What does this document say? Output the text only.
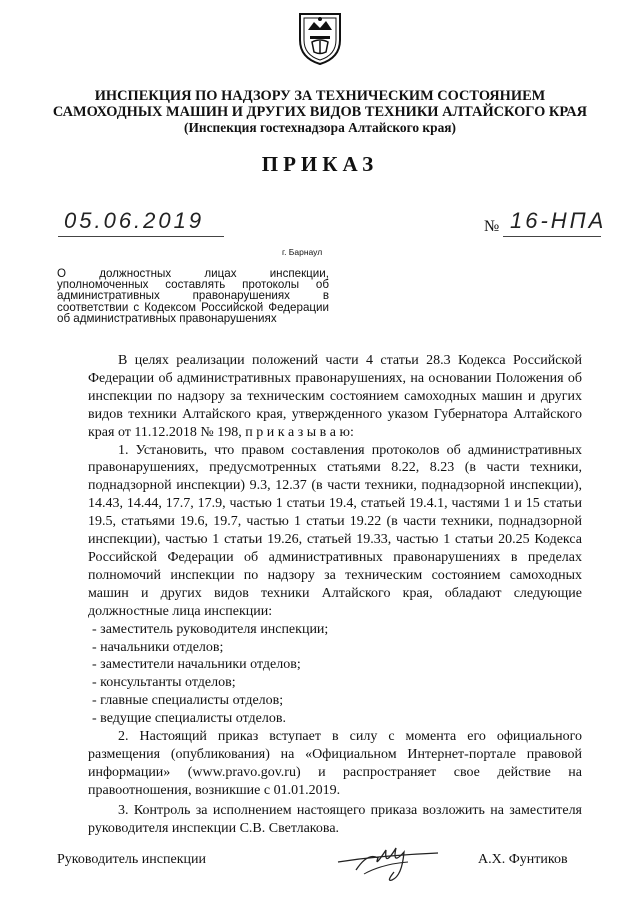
ИНСПЕКЦИЯ ПО НАДЗОРУ ЗА ТЕХНИЧЕСКИМ СОСТОЯНИЕМ
САМОХОДНЫХ МАШИН И ДРУГИХ ВИДОВ ТЕХНИКИ АЛТАЙСКОГО КРАЯ
(Инспекция гостехнадзора Алтайского края)
ПРИКАЗ
05.06.2019	№ 16-НПА
г. Барнаул
О должностных лицах инспекции, уполномоченных составлять протоколы об административных правонарушениях в соответствии с Кодексом Российской Федерации об административных правонарушениях

В целях реализации положений части 4 статьи 28.3 Кодекса Российской Федерации об административных правонарушениях, на основании Положения об инспекции по надзору за техническим состоянием самоходных машин и других видов техники Алтайского края, утвержденного указом Губернатора Алтайского края от 11.12.2018 № 198, п р и к а з ы в а ю:

1. Установить, что правом составления протоколов об административных правонарушениях, предусмотренных статьями 8.22, 8.23 (в части техники, поднадзорной инспекции) 9.3, 12.37 (в части техники, поднадзорной инспекции), 14.43, 14.44, 17.7, 17.9, частью 1 статьи 19.4, статьей 19.4.1, частями 1 и 15 статьи 19.5, статьями 19.6, 19.7, частью 1 статьи 19.22 (в части техники, поднадзорной инспекции), частью 1 статьи 19.26, статьей 19.33, частью 1 статьи 20.25 Кодекса Российской Федерации об административных правонарушениях в пределах полномочий инспекции по надзору за техническим состоянием самоходных машин и других видов техники Алтайского края, обладают следующие должностные лица инспекции:

- заместитель руководителя инспекции;
- начальники отделов;
- заместители начальники отделов;
- консультанты отделов;
- главные специалисты отделов;
- ведущие специалисты отделов.

2. Настоящий приказ вступает в силу с момента его официального размещения (опубликования) на «Официальном Интернет-портале правовой информации» (www.pravo.gov.ru) и распространяет свое действие на правоотношения, возникшие с 01.01.2019.

3. Контроль за исполнением настоящего приказа возложить на заместителя руководителя инспекции С.В. Светлакова.

Руководитель инспекции	А.Х. Фунтиков
